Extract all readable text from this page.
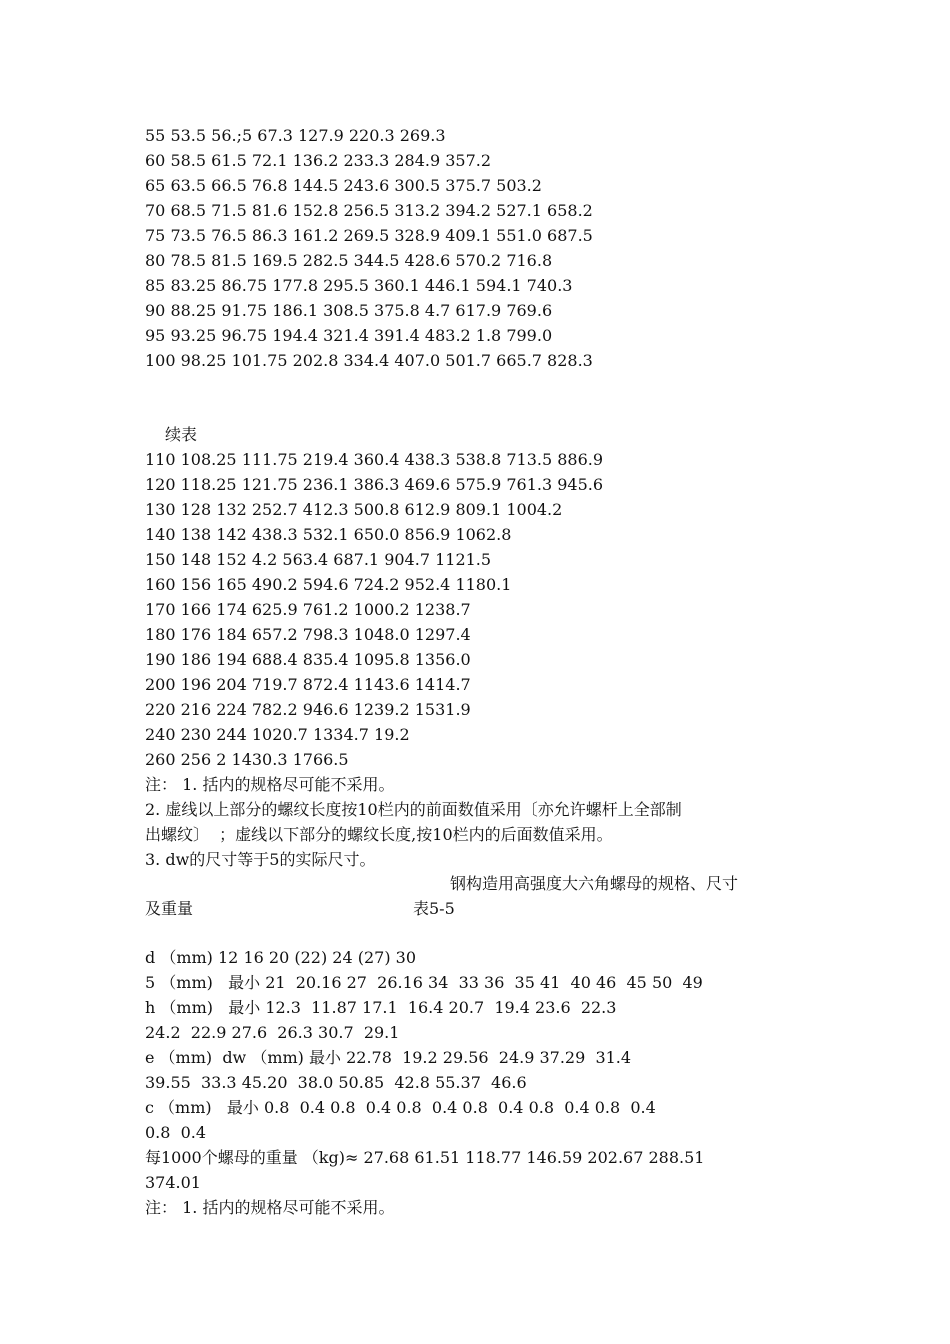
55 53.5 56.;5 67.3 127.9 220.3 269.3
60 58.5 61.5 72.1 136.2 233.3 284.9 357.2
65 63.5 66.5 76.8 144.5 243.6 300.5 375.7 503.2
70 68.5 71.5 81.6 152.8 256.5 313.2 394.2 527.1 658.2
75 73.5 76.5 86.3 161.2 269.5 328.9 409.1 551.0 687.5
80 78.5 81.5 169.5 282.5 344.5 428.6 570.2 716.8
85 83.25 86.75 177.8 295.5 360.1 446.1 594.1 740.3
90 88.25 91.75 186.1 308.5 375.8 4.7 617.9 769.6
95 93.25 96.75 194.4 321.4 391.4 483.2 1.8 799.0
100 98.25 101.75 202.8 334.4 407.0 501.7 665.7 828.3
续表
110 108.25 111.75 219.4 360.4 438.3 538.8 713.5 886.9
120 118.25 121.75 236.1 386.3 469.6 575.9 761.3 945.6
130 128 132 252.7 412.3 500.8 612.9 809.1 1004.2
140 138 142 438.3 532.1 650.0 856.9 1062.8
150 148 152 4.2 563.4 687.1 904.7 1121.5
160 156 165 490.2 594.6 724.2 952.4 1180.1
170 166 174 625.9 761.2 1000.2 1238.7
180 176 184 657.2 798.3 1048.0 1297.4
190 186 194 688.4 835.4 1095.8 1356.0
200 196 204 719.7 872.4 1143.6 1414.7
220 216 224 782.2 946.6 1239.2 1531.9
240 230 244 1020.7 1334.7 19.2
260 256 2 1430.3 1766.5
注： 1. 括内的规格尽可能不采用。
2. 虚线以上部分的螺纹长度按10栏内的前面数值采用〔亦允许螺杆上全部制
出螺纹〕  ；虚线以下部分的螺纹长度,按10栏内的后面数值采用。
3. dw的尺寸等于5的实际尺寸。
钢构造用高强度大六角螺母的规格、尺寸
及重量	表5-5
d （mm) 12 16 20 (22) 24 (27) 30
5 （mm)   最小 21  20.16 27  26.16 34  33 36  35 41  40 46  45 50  49
h （mm)   最小 12.3  11.87 17.1  16.4 20.7  19.4 23.6  22.3
24.2  22.9 27.6  26.3 30.7  29.1
e （mm)  dw （mm) 最小 22.78  19.2 29.56  24.9 37.29  31.4
39.55  33.3 45.20  38.0 50.85  42.8 55.37  46.6
c （mm)   最小 0.8  0.4 0.8  0.4 0.8  0.4 0.8  0.4 0.8  0.4 0.8  0.4
0.8  0.4
每1000个螺母的重量 （kg)≈ 27.68 61.51 118.77 146.59 202.67 288.51
374.01
注： 1. 括内的规格尽可能不采用。
